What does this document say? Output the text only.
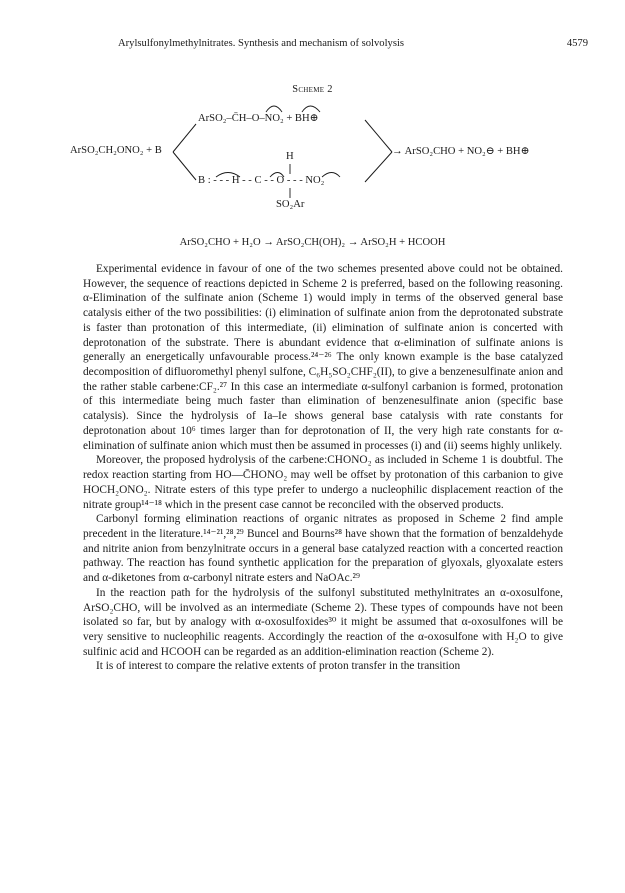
Arylsulfonylmethylnitrates. Synthesis and mechanism of solvolysis	4579
Scheme 2
ArSO₂CH₂ONO₂ + B
ArSO₂–C̄H–O–NO₂ + BH⊕
H
B : - - - H - - C - - O - - - NO₂
SO₂Ar
→ ArSO₂CHO + NO₂⊖ + BH⊕
ArSO₂CHO + H₂O → ArSO₂CH(OH)₂ → ArSO₂H + HCOOH

Experimental evidence in favour of one of the two schemes presented above could not be obtained. However, the sequence of reactions depicted in Scheme 2 is preferred, based on the following reasoning. α-Elimination of the sulfinate anion (Scheme 1) would imply in terms of the observed general base catalysis either of the two possibilities: (i) elimination of sulfinate anion from the deprotonated substrate is faster than protonation of this intermediate, (ii) elimination of sulfinate anion is concerted with deprotonation of the substrate. There is abundant evidence that α-elimination of sulfinate anions is generally an energetically unfavourable process.²⁴⁻²⁶ The only known example is the base catalyzed decomposition of difluoromethyl phenyl sulfone, C₆H₅SO₂CHF₂(II), to give a benzenesulfinate anion and the rather stable carbene:CF₂.²⁷ In this case an intermediate α-sulfonyl carbanion is formed, protonation of this intermediate being much faster than elimination of benzenesulfinate anion (specific base catalysis). Since the hydrolysis of Ia–Ie shows general base catalysis with rate constants for deprotonation about 10⁶ times larger than for deprotonation of II, the very high rate constants for α-elimination of sulfinate anion which must then be assumed in processes (i) and (ii) seems highly unlikely.

Moreover, the proposed hydrolysis of the carbene:CHONO₂ as included in Scheme 1 is doubtful. The redox reaction starting from HO—C̄HONO₂ may well be offset by protonation of this carbanion to give HOCH₂ONO₂. Nitrate esters of this type prefer to undergo a nucleophilic displacement reaction of the nitrate group¹⁴⁻¹⁸ which in the present case cannot be reconciled with the observed products.

Carbonyl forming elimination reactions of organic nitrates as proposed in Scheme 2 find ample precedent in the literature.¹⁴⁻²¹,²⁸,²⁹ Buncel and Bourns²⁸ have shown that the formation of benzaldehyde and nitrite anion from benzylnitrate occurs in a general base catalyzed reaction with a concerted reaction pathway. The reaction has found synthetic application for the preparation of glyoxals, glyoxalate esters and α-diketones from α-carbonyl nitrate esters and NaOAc.²⁹

In the reaction path for the hydrolysis of the sulfonyl substituted methylnitrates an α-oxosulfone, ArSO₂CHO, will be involved as an intermediate (Scheme 2). These types of compounds have not been isolated so far, but by analogy with α-oxosulfoxides³⁰ it might be assumed that α-oxosulfones will be very sensitive to nucleophilic reagents. Accordingly the reaction of the α-oxosulfone with H₂O to give sulfinic acid and HCOOH can be regarded as an addition-elimination reaction (Scheme 2).

It is of interest to compare the relative extents of proton transfer in the transition
